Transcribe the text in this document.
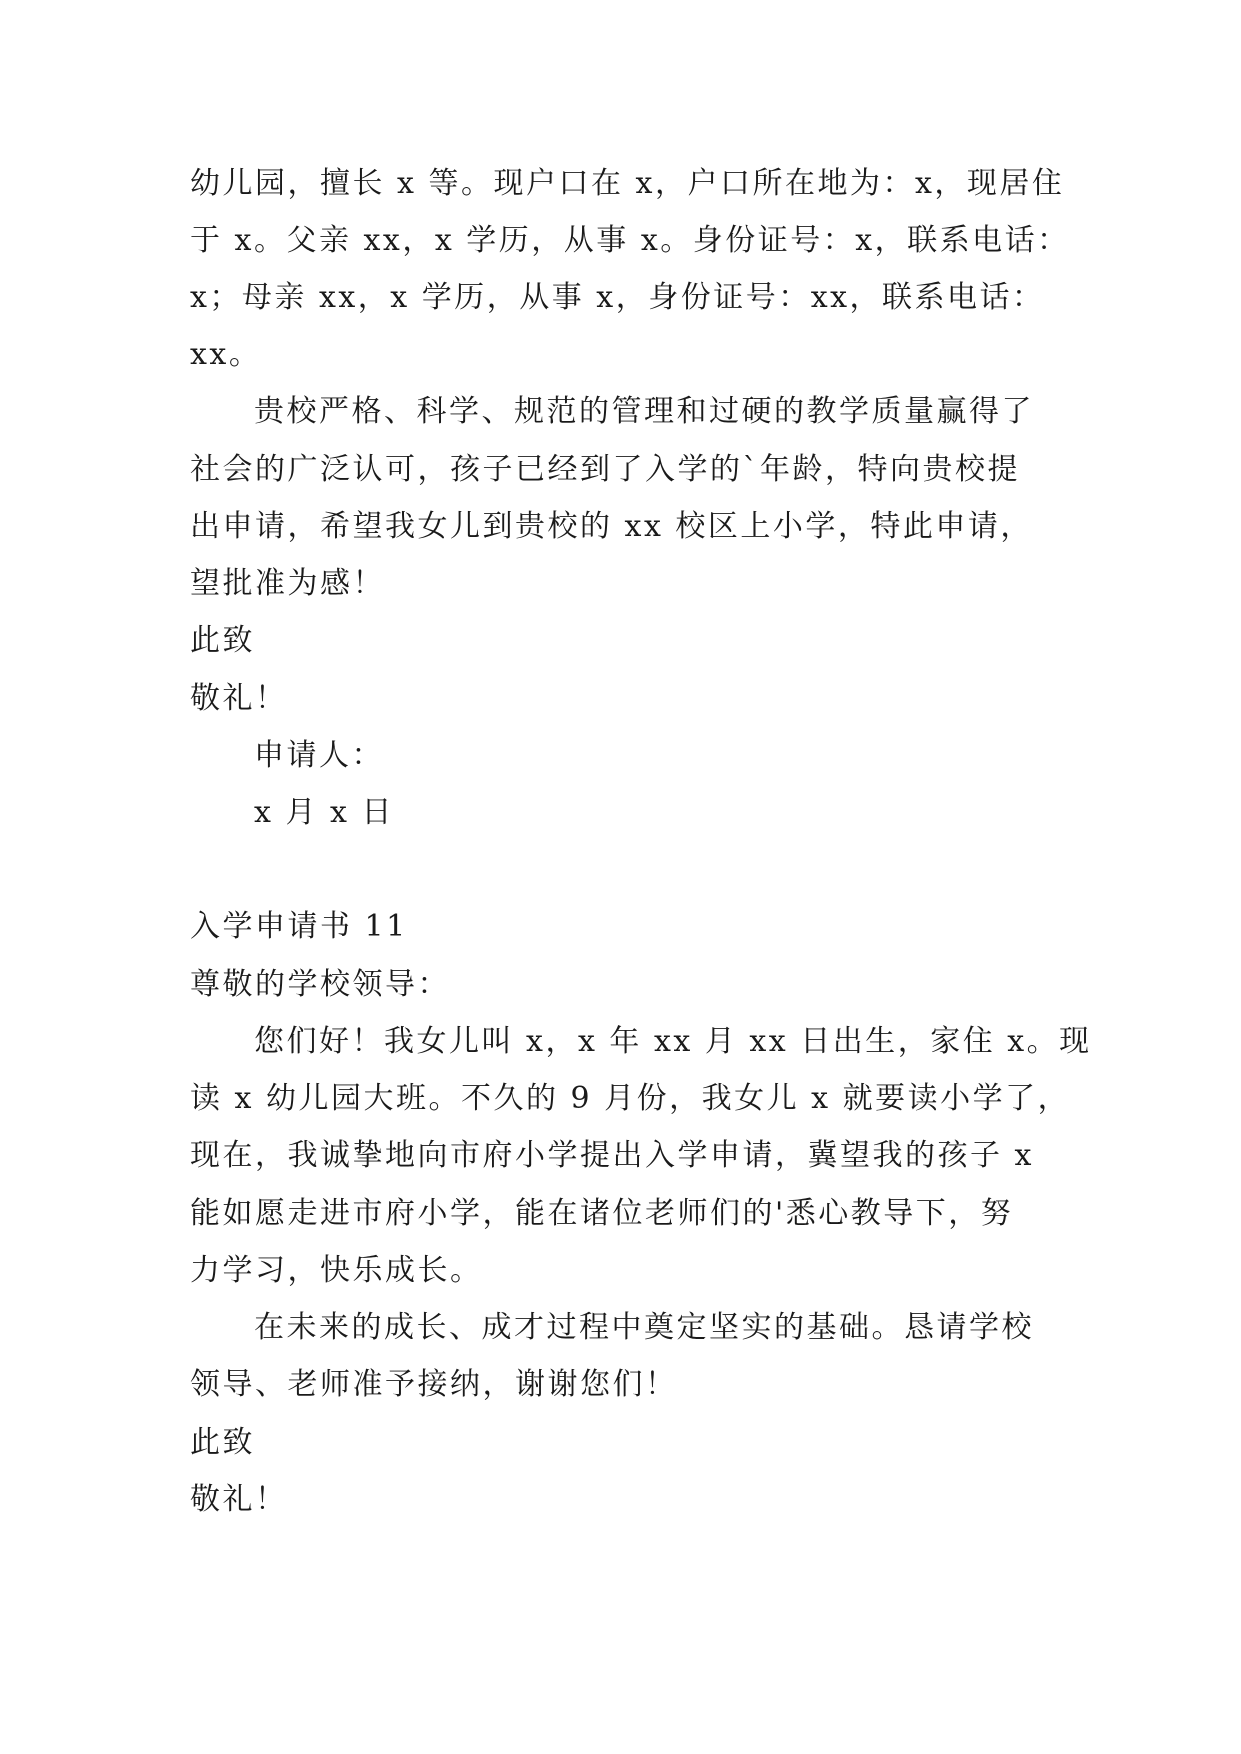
幼儿园，擅长 x 等。现户口在 x，户口所在地为：x，现居住
于 x。父亲 xx，x 学历，从事 x。身份证号：x，联系电话：
x；母亲 xx，x 学历，从事 x，身份证号：xx，联系电话：
xx。
贵校严格、科学、规范的管理和过硬的教学质量赢得了
社会的广泛认可，孩子已经到了入学的`年龄，特向贵校提
出申请，希望我女儿到贵校的 xx 校区上小学，特此申请，
望批准为感！
此致
敬礼！
申请人：
x 月 x 日
入学申请书 11
尊敬的学校领导：
您们好！我女儿叫 x，x 年 xx 月 xx 日出生，家住 x。现
读 x 幼儿园大班。不久的 9 月份，我女儿 x 就要读小学了，
现在，我诚挚地向市府小学提出入学申请，冀望我的孩子 x
能如愿走进市府小学，能在诸位老师们的'悉心教导下，努
力学习，快乐成长。
在未来的成长、成才过程中奠定坚实的基础。恳请学校
领导、老师准予接纳，谢谢您们！
此致
敬礼！
